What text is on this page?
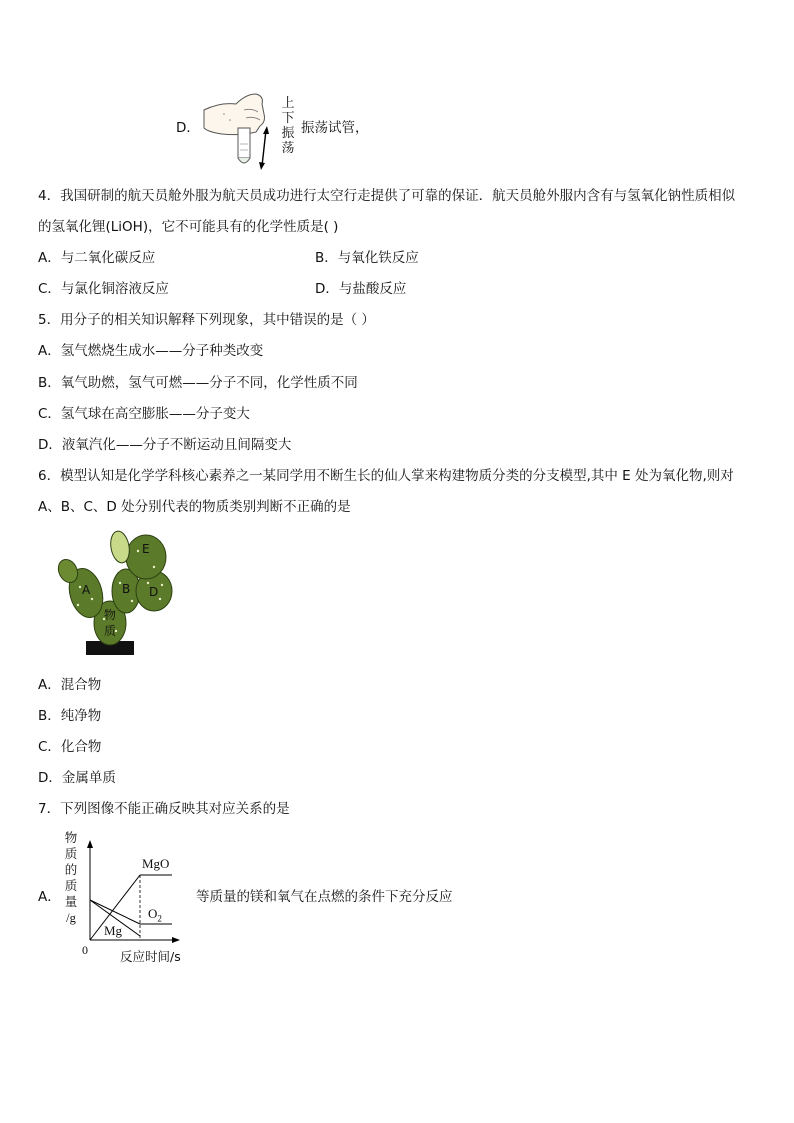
D．
上
下
振
荡
振荡试管，
4．我国研制的航天员舱外服为航天员成功进行太空行走提供了可靠的保证．航天员舱外服内含有与氢氧化钠性质相似
的氢氧化锂(LiOH)，它不可能具有的化学性质是( )
A．与二氧化碳反应	B．与氧化铁反应
C．与氯化铜溶液反应	D．与盐酸反应
5．用分子的相关知识解释下列现象，其中错误的是（ ）
A．氢气燃烧生成水——分子种类改变
B．氧气助燃，氢气可燃——分子不同，化学性质不同
C．氢气球在高空膨胀——分子变大
D．液氧汽化——分子不断运动且间隔变大
6．模型认知是化学学科核心素养之一某同学用不断生长的仙人掌来构建物质分类的分支模型,其中 E 处为氧化物,则对
A、B、C、D 处分别代表的物质类别判断不正确的是
E
A	B D
物
质
A．混合物
B．纯净物
C．化合物
D．金属单质
7．下列图像不能正确反映其对应关系的是
A．
物
质
的
质
量
/g
MgO
$O_2$
Mg
0	反应时间/s
等质量的镁和氧气在点燃的条件下充分反应
